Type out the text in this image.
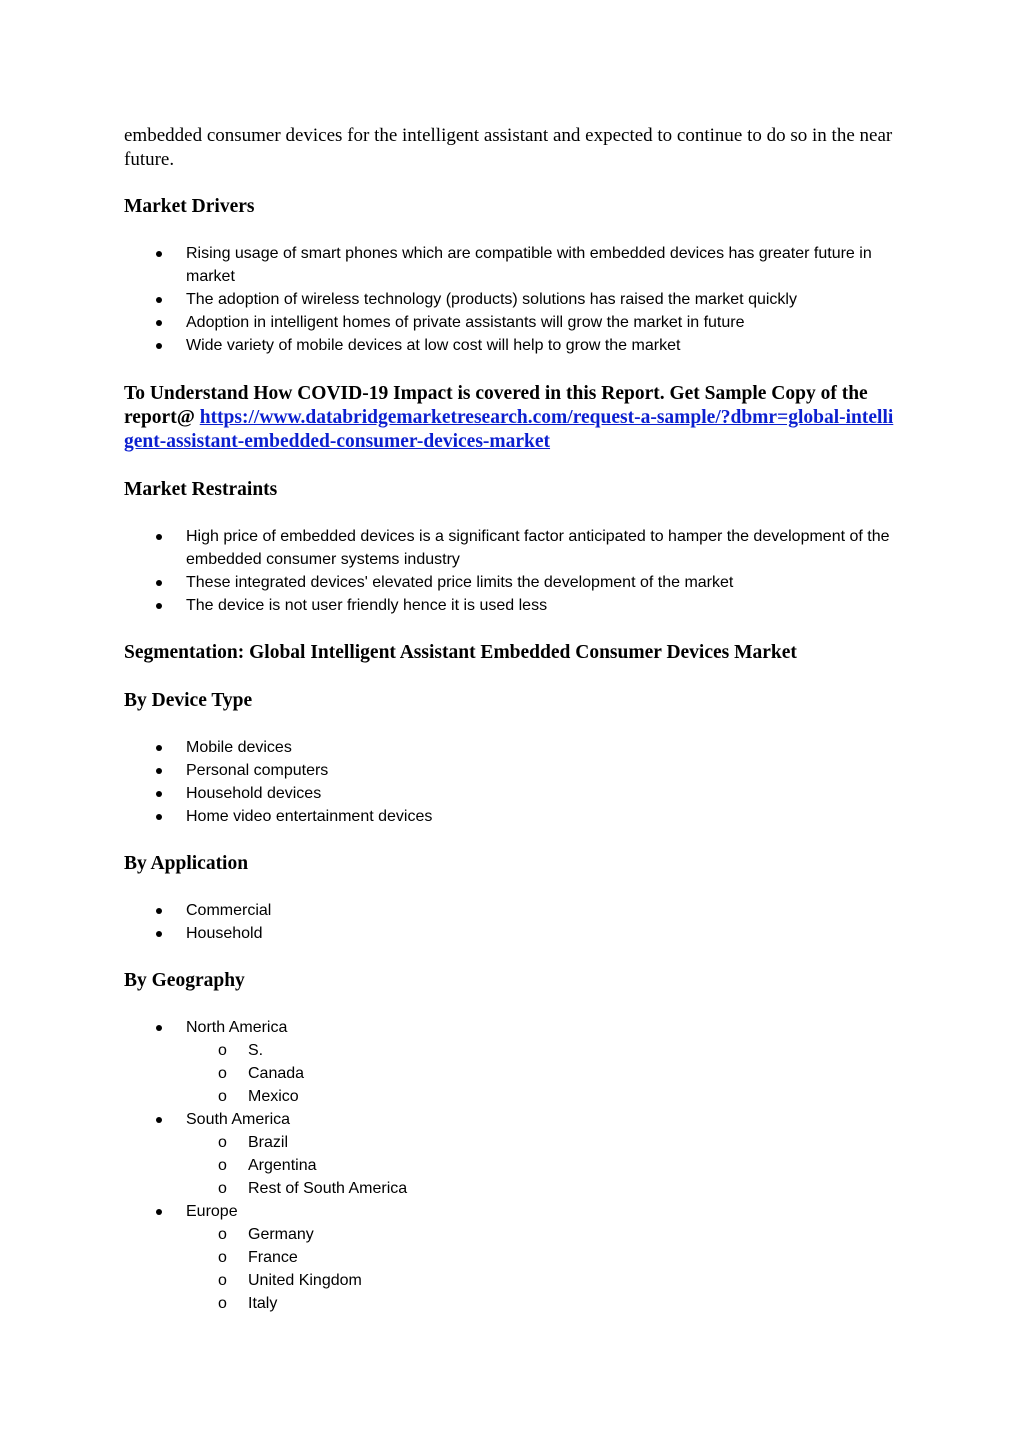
embedded consumer devices for the intelligent assistant and expected to continue to do so in the near future.

Market Drivers
Rising usage of smart phones which are compatible with embedded devices has greater future in market
The adoption of wireless technology (products) solutions has raised the market quickly
Adoption in intelligent homes of private assistants will grow the market in future
Wide variety of mobile devices at low cost will help to grow the market

To Understand How COVID-19 Impact is covered in this Report. Get Sample Copy of the report@ https://www.databridgemarketresearch.com/request-a-sample/?dbmr=global-intelligent-assistant-embedded-consumer-devices-market

Market Restraints
High price of embedded devices is a significant factor anticipated to hamper the development of the embedded consumer systems industry
These integrated devices' elevated price limits the development of the market
The device is not user friendly hence it is used less
Segmentation: Global Intelligent Assistant Embedded Consumer Devices Market
By Device Type
Mobile devices
Personal computers
Household devices
Home video entertainment devices
By Application
Commercial
Household
By Geography
North America
o S.
o Canada
o Mexico
South America
o Brazil
o Argentina
o Rest of South America
Europe
o Germany
o France
o United Kingdom
o Italy
